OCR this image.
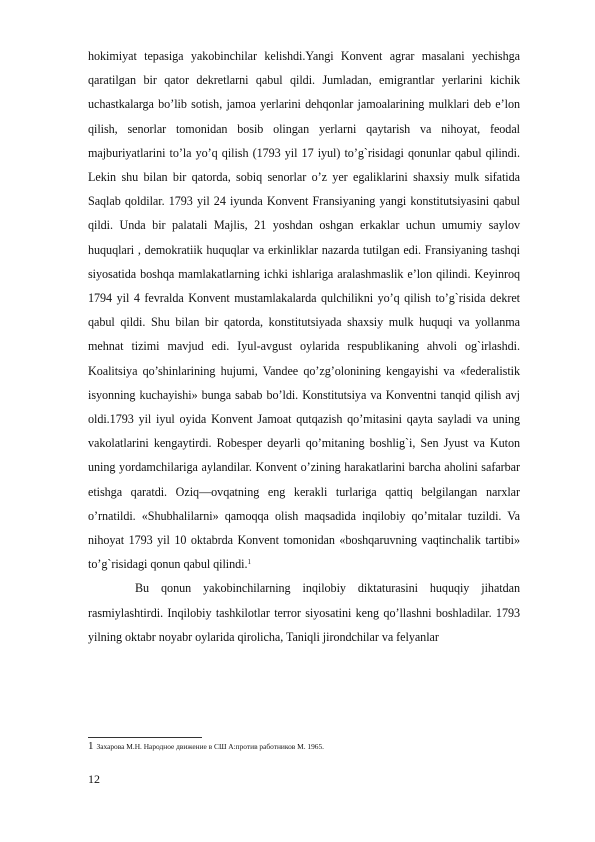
hokimiyat tepasiga yakobinchilar kelishdi.Yangi Konvent agrar masalani yechishga qaratilgan bir qator dekretlarni qabul qildi. Jumladan, emigrantlar yerlarini kichik uchastkalarga bo’lib sotish, jamoa yerlarini dehqonlar jamoalarining mulklari deb e’lon qilish, senorlar tomonidan bosib olingan yerlarni qaytarish va nihoyat, feodal majburiyatlarini to’la yo’q qilish (1793 yil 17 iyul) to’g`risidagi qonunlar qabul qilindi. Lekin shu bilan bir qatorda, sobiq senorlar o’z yer egaliklarini shaxsiy mulk sifatida Saqlab qoldilar. 1793 yil 24 iyunda Konvent Fransiyaning yangi konstitutsiyasini qabul qildi. Unda bir palatali Majlis, 21 yoshdan oshgan erkaklar uchun umumiy saylov huquqlari , demokratiik huquqlar va erkinliklar nazarda tutilgan edi. Fransiyaning tashqi siyosatida boshqa mamlakatlarning ichki ishlariga aralashmaslik e’lon qilindi. Keyinroq 1794 yil 4 fevralda Konvent mustamlakalarda qulchilikni yo’q qilish to’g`risida dekret qabul qildi. Shu bilan bir qatorda, konstitutsiyada shaxsiy mulk huquqi va yollanma mehnat tizimi mavjud edi. Iyul-avgust oylarida respublikaning ahvoli og`irlashdi. Koalitsiya qo’shinlarining hujumi, Vandee qo’zg’olonining kengayishi va «federalistik isyonning kuchayishi» bunga sabab bo’ldi. Konstitutsiya va Konventni tanqid qilish avj oldi.1793 yil iyul oyida Konvent Jamoat qutqazish qo’mitasini qayta sayladi va uning vakolatlarini kengaytirdi. Robesper deyarli qo’mitaning boshlig`i, Sen Jyust va Kuton uning yordamchilariga aylandilar. Konvent o’zining harakatlarini barcha aholini safarbar etishga qaratdi. Oziq—ovqatning eng kerakli turlariga qattiq belgilangan narxlar o’rnatildi. «Shubhalilarni» qamoqqa olish maqsadida inqilobiy qo’mitalar tuzildi. Va nihoyat 1793 yil 10 oktabrda Konvent tomonidan «boshqaruvning vaqtinchalik tartibi» to’g`risidagi qonun qabul qilindi.$^1$

Bu qonun yakobinchilarning inqilobiy diktaturasini huquqiy jihatdan rasmiylashtirdi. Inqilobiy tashkilotlar terror siyosatini keng qo’llashni boshladilar. 1793 yilning oktabr noyabr oylarida qirolicha, Taniqli jirondchilar va felyanlar

1 Захарова М.Н. Народное движение в СШ А:против работников М. 1965.
12
